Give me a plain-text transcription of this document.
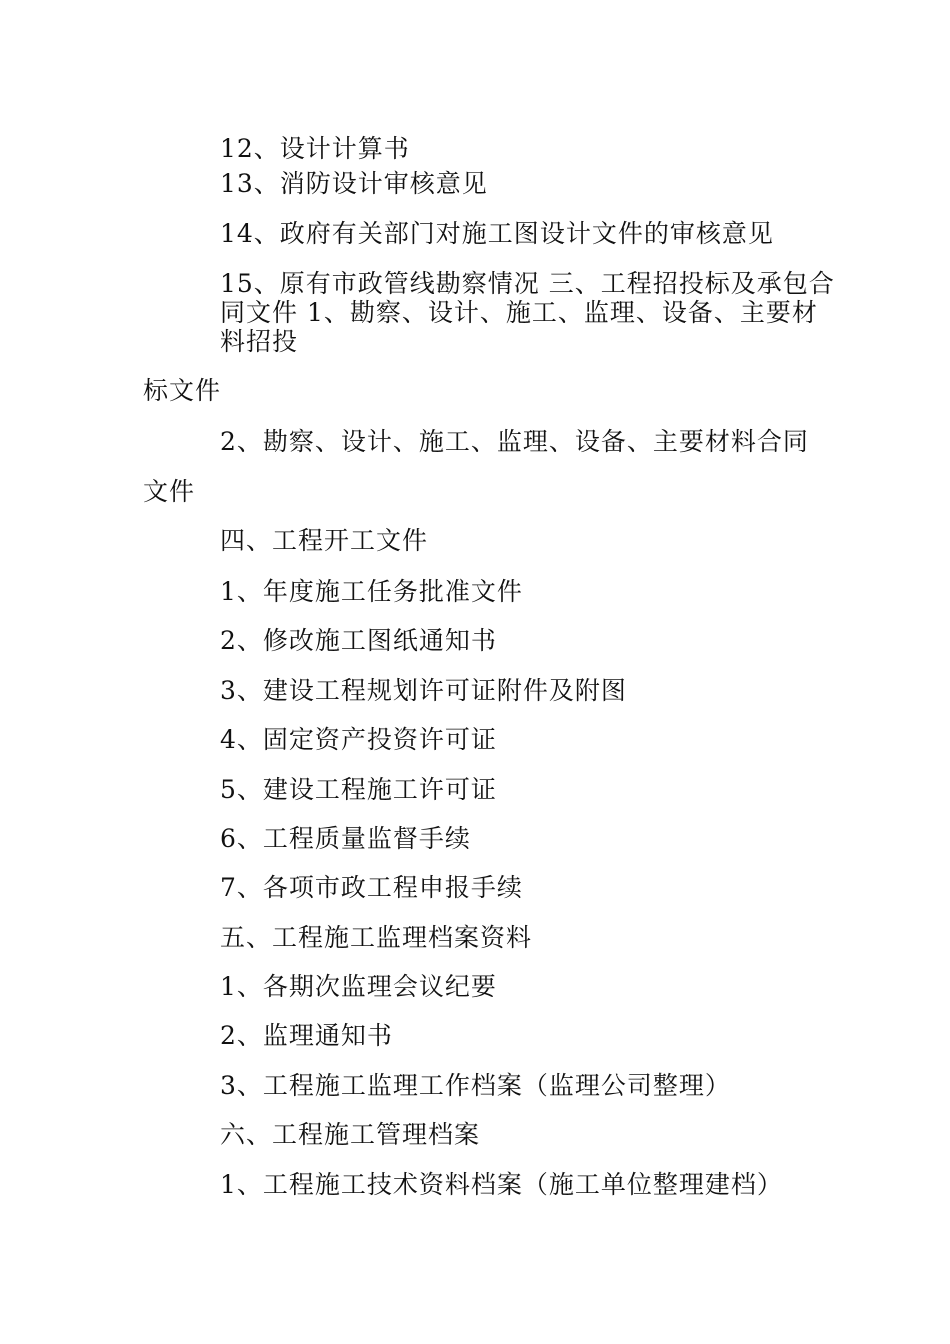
12、设计计算书
13、消防设计审核意见
14、政府有关部门对施工图设计文件的审核意见
15、原有市政管线勘察情况 三、工程招投标及承包合
同文件 1、勘察、设计、施工、监理、设备、主要材
料招投
标文件
2、勘察、设计、施工、监理、设备、主要材料合同
文件
四、工程开工文件
1、年度施工任务批准文件
2、修改施工图纸通知书
3、建设工程规划许可证附件及附图
4、固定资产投资许可证
5、建设工程施工许可证
6、工程质量监督手续
7、各项市政工程申报手续
五、工程施工监理档案资料
1、各期次监理会议纪要
2、监理通知书
3、工程施工监理工作档案（监理公司整理）
六、工程施工管理档案
1、工程施工技术资料档案（施工单位整理建档）
